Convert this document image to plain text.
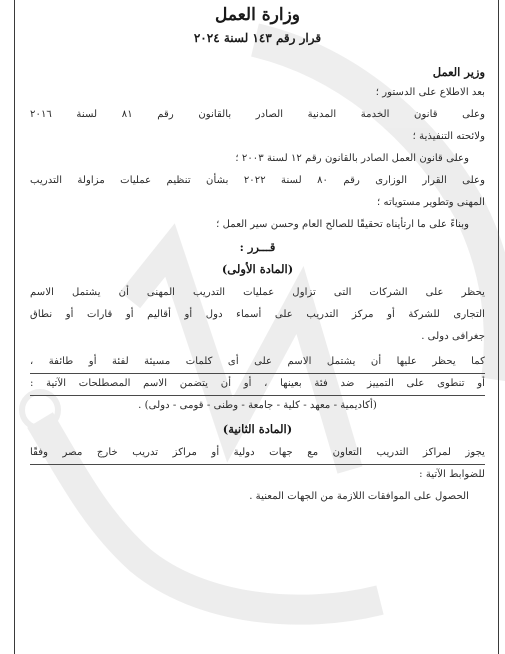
وزارة العمل
قرار رقم ١٤٣ لسنة ٢٠٢٤
وزير العمل
بعد الاطلاع على الدستور ؛
وعلى قانون الخدمة المدنية الصادر بالقانون رقم ٨١ لسنة ٢٠١٦
ولائحته التنفيذية ؛
وعلى قانون العمل الصادر بالقانون رقم ١٢ لسنة ٢٠٠٣ ؛
وعلى القرار الوزارى رقم ٨٠ لسنة ٢٠٢٢ بشأن تنظيم عمليات مزاولة التدريب
المهنى وتطوير مستوياته ؛
وبناءً على ما ارتأيناه تحقيقًا للصالح العام وحسن سير العمل ؛
قـــرر :
(المادة الأولى)
يحظر على الشركات التى تزاول عمليات التدريب المهنى أن يشتمل الاسم
التجارى للشركة أو مركز التدريب على أسماء دول أو أقاليم أو قارات أو نطاق
جغرافى دولى .
كما يحظر عليها أن يشتمل الاسم على أى كلمات مسيئة لفئة أو طائفة ،
أو تنطوى على التمييز ضد فئة بعينها ، أو أن يتضمن الاسم المصطلحات الآتية :
(أكاديمية - معهد - كلية - جامعة - وطنى - قومى - دولى) .
(المادة الثانية)
يجوز لمراكز التدريب التعاون مع جهات دولية أو مراكز تدريب خارج مصر وفقًا
للضوابط الآتية :
الحصول على الموافقات اللازمة من الجهات المعنية .
